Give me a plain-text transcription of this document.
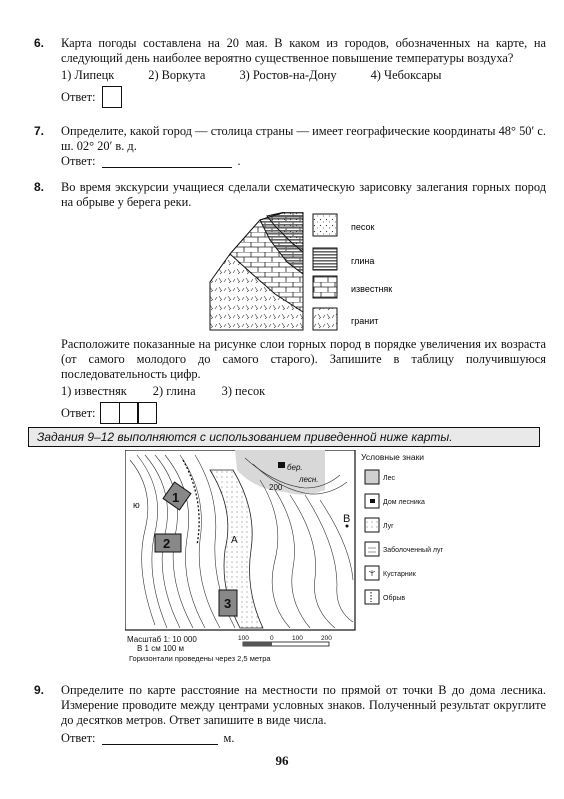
6. Карта погоды составлена на 20 мая. В каком из городов, обозначенных на карте, на следующий день наиболее вероятно существенное повышение температуры воздуха?
1) Липецк	2) Воркута	3) Ростов-на-Дону	4) Чебоксары
Ответ:
7. Определите, какой город — столица страны — имеет географические координаты 48° 50′ с. ш. 02° 20′ в. д.
Ответ:	.
8. Во время экскурсии учащиеся сделали схематическую зарисовку залегания горных пород на обрыве у берега реки.
песок
глина
известняк
гранит
Расположите показанные на рисунке слои горных пород в порядке увеличения их возраста (от самого молодого до самого старого). Запишите в таблицу получившуюся последовательность цифр.
1) известняк 2) глина 3) песок
Ответ:
Задания 9–12 выполняются с использованием приведенной ниже карты.
1
2
3
А
В
бер.
лесн.
ю
200
Условные знаки
Лес
Дом лесника
Луг
Заболоченный луг
Кустарник
Обрыв
Масштаб 1: 10 000
В 1 см 100 м
Горизонтали проведены через 2,5 метра
100	0	100	200
9. Определите по карте расстояние на местности по прямой от точки В до дома лесника. Измерение проводите между центрами условных знаков. Полученный результат округлите до десятков метров. Ответ запишите в виде числа.
Ответ:	м.
96
